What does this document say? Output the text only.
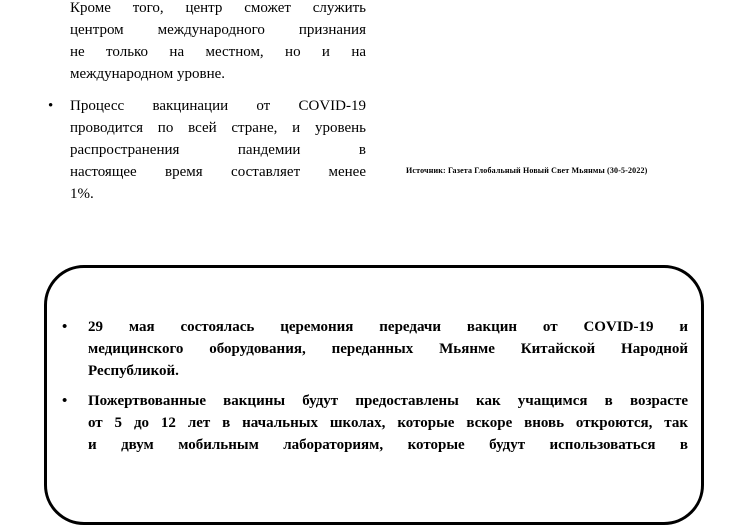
Кроме того, центр сможет служить
центром международного признания
не только на местном, но и на
международном уровне.
• Процесс вакцинации от COVID-19
проводится по всей стране, и уровень
распространения пандемии в
настоящее время составляет менее
1%.
Источник: Газета Глобальный Новый Свет Мьянмы (30-5-2022)
• 29 мая состоялась церемония передачи вакцин от COVID-19 и
медицинского оборудования, переданных Мьянме Китайской Народной
Республикой.
• Пожертвованные вакцины будут предоставлены как учащимся в возрасте
от 5 до 12 лет в начальных школах, которые вскоре вновь откроются, так
и двум мобильным лабораториям, которые будут использоваться в
